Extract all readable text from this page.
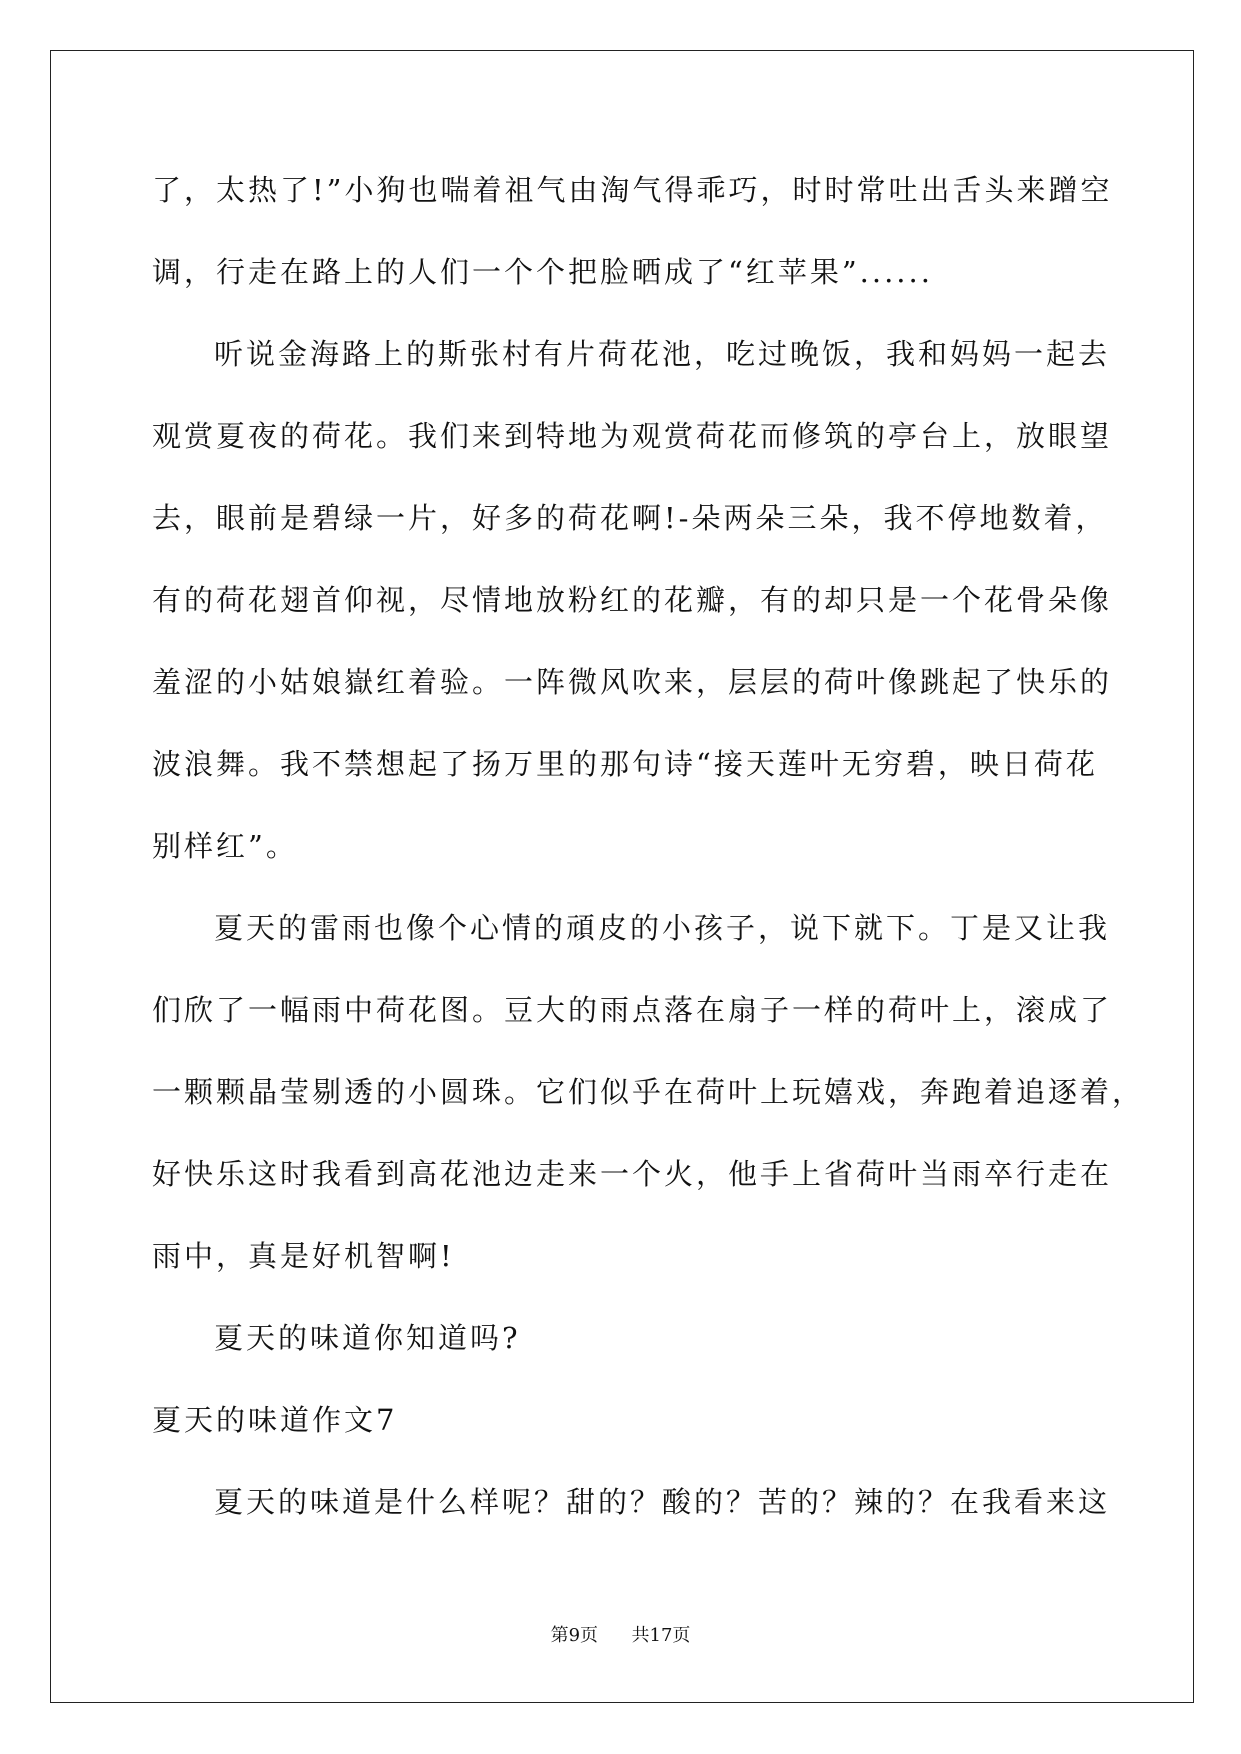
了，太热了!”小狗也喘着祖气由淘气得乖巧，时时常吐出舌头来蹭空
调，行走在路上的人们一个个把脸晒成了“红苹果”......
听说金海路上的斯张村有片荷花池，吃过晚饭，我和妈妈一起去
观赏夏夜的荷花。我们来到特地为观赏荷花而修筑的亭台上，放眼望
去，眼前是碧绿一片，好多的荷花啊!-朵两朵三朵，我不停地数着，
有的荷花翅首仰视，尽情地放粉红的花瓣，有的却只是一个花骨朵像
羞涩的小姑娘嶽红着验。一阵微风吹来，层层的荷叶像跳起了快乐的
波浪舞。我不禁想起了扬万里的那句诗“接天莲叶无穷碧，映日荷花
别样红”。
夏天的雷雨也像个心情的頑皮的小孩子，说下就下。丁是又让我
们欣了一幅雨中荷花图。豆大的雨点落在扇子一样的荷叶上，滚成了
一颗颗晶莹剔透的小圆珠。它们似乎在荷叶上玩嬉戏，奔跑着追逐着，
好快乐这时我看到高花池边走来一个火，他手上省荷叶当雨卒行走在
雨中，真是好机智啊!
夏天的味道你知道吗?
夏天的味道作文7
夏天的味道是什么样呢？甜的？酸的？苦的？辣的？在我看来这
第9页 共17页
